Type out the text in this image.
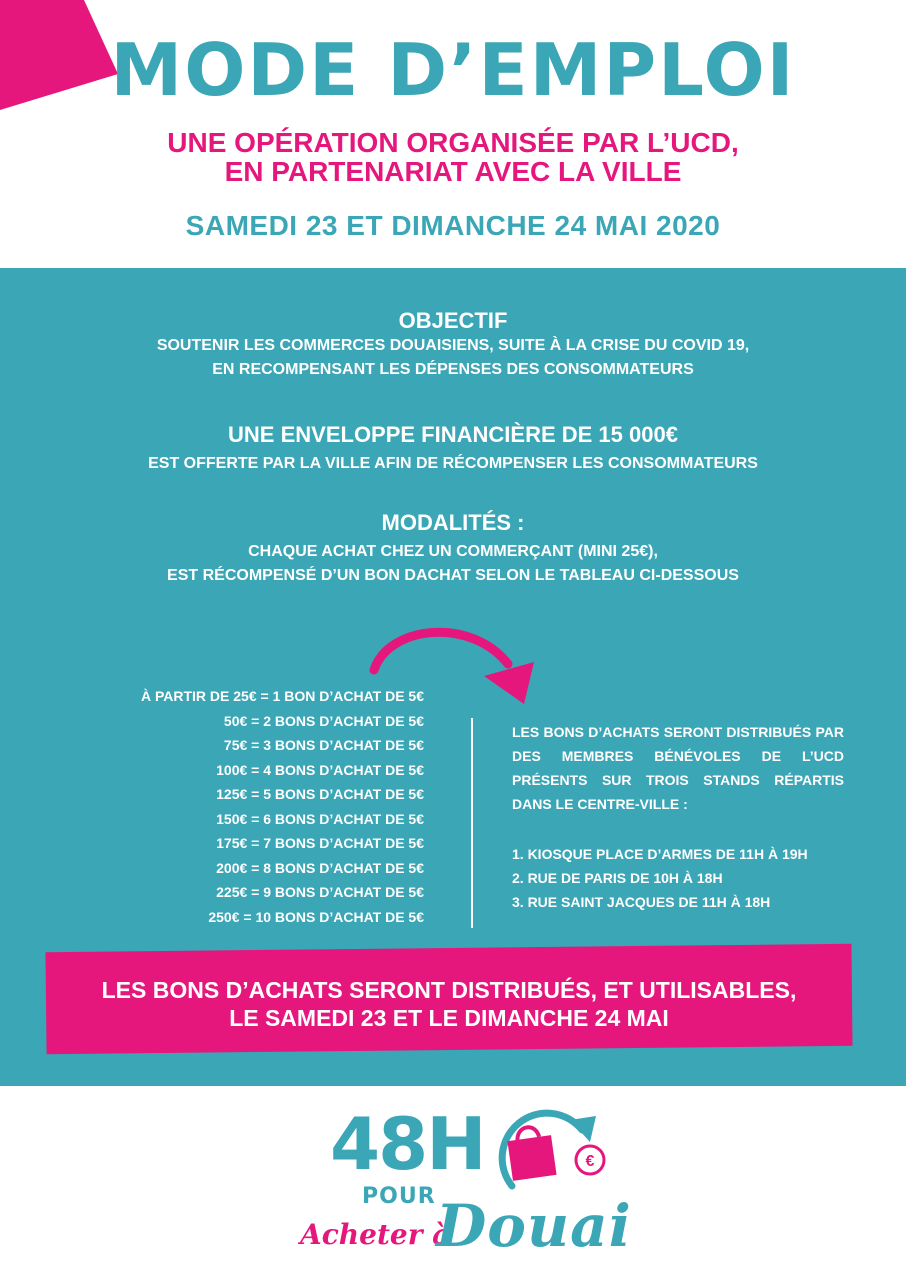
MODE D’EMPLOI
UNE OPÉRATION ORGANISÉE PAR L’UCD,
EN PARTENARIAT AVEC LA VILLE
SAMEDI 23 ET DIMANCHE 24 MAI 2020
OBJECTIF
SOUTENIR LES COMMERCES DOUAISIENS, SUITE À LA CRISE DU COVID 19,
EN RECOMPENSANT LES DÉPENSES DES CONSOMMATEURS
UNE ENVELOPPE FINANCIÈRE DE 15 000€
EST OFFERTE PAR LA VILLE AFIN DE RÉCOMPENSER LES CONSOMMATEURS
MODALITÉS :
CHAQUE ACHAT CHEZ UN COMMERÇANT (MINI 25€),
EST RÉCOMPENSÉ D’UN BON DACHAT SELON LE TABLEAU CI-DESSOUS
À PARTIR DE 25€ = 1 BON D’ACHAT DE 5€
50€ = 2 BONS D’ACHAT DE 5€
75€ = 3 BONS D’ACHAT DE 5€
100€ = 4 BONS D’ACHAT DE 5€
125€ = 5 BONS D’ACHAT DE 5€
150€ = 6 BONS D’ACHAT DE 5€
175€ = 7 BONS D’ACHAT DE 5€
200€ = 8 BONS D’ACHAT DE 5€
225€ = 9 BONS D’ACHAT DE 5€
250€ = 10 BONS D’ACHAT DE 5€
LES BONS D’ACHATS SERONT DISTRIBUÉS PAR DES MEMBRES BÉNÉVOLES DE L’UCD PRÉSENTS SUR TROIS STANDS RÉPARTIS DANS LE CENTRE-VILLE :
1. KIOSQUE PLACE D’ARMES DE 11H À 19H
2. RUE DE PARIS DE 10H À 18H
3. RUE SAINT JACQUES DE 11H À 18H
LES BONS D’ACHATS SERONT DISTRIBUÉS, ET UTILISABLES,
LE SAMEDI 23 ET LE DIMANCHE 24 MAI
48H	€
POUR
Acheter à
Douai
